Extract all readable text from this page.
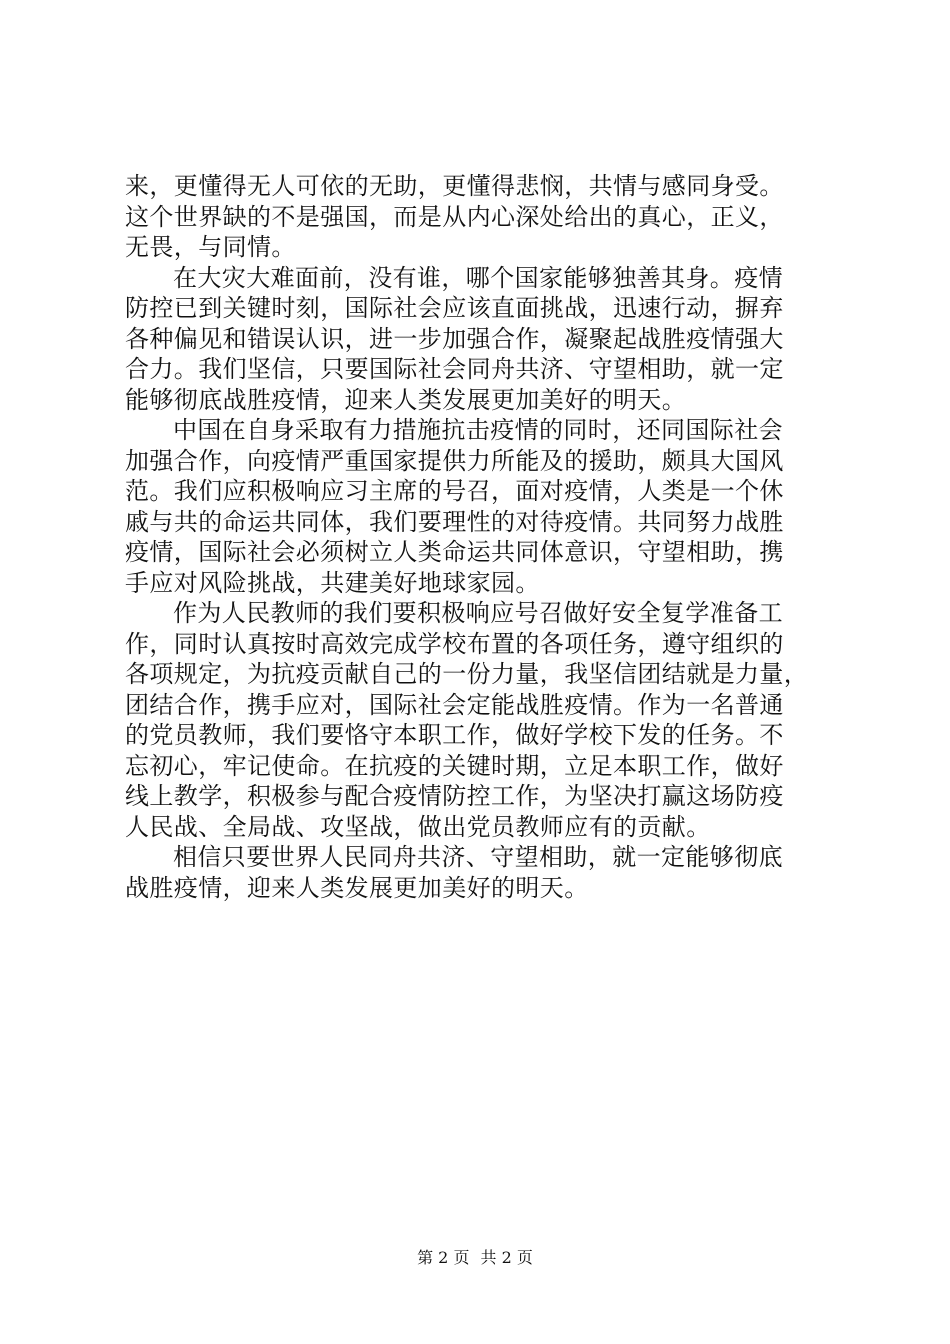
来，更懂得无人可依的无助，更懂得悲悯，共情与感同身受。
这个世界缺的不是强国，而是从内心深处给出的真心，正义，
无畏，与同情。
在大灾大难面前，没有谁，哪个国家能够独善其身。疫情
防控已到关键时刻，国际社会应该直面挑战，迅速行动，摒弃
各种偏见和错误认识，进一步加强合作，凝聚起战胜疫情强大
合力。我们坚信，只要国际社会同舟共济、守望相助，就一定
能够彻底战胜疫情，迎来人类发展更加美好的明天。
中国在自身采取有力措施抗击疫情的同时，还同国际社会
加强合作，向疫情严重国家提供力所能及的援助，颇具大国风
范。我们应积极响应习主席的号召，面对疫情，人类是一个休
戚与共的命运共同体，我们要理性的对待疫情。共同努力战胜
疫情，国际社会必须树立人类命运共同体意识，守望相助，携
手应对风险挑战，共建美好地球家园。
作为人民教师的我们要积极响应号召做好安全复学准备工
作，同时认真按时高效完成学校布置的各项任务，遵守组织的
各项规定，为抗疫贡献自己的一份力量，我坚信团结就是力量，
团结合作，携手应对，国际社会定能战胜疫情。作为一名普通
的党员教师，我们要恪守本职工作，做好学校下发的任务。不
忘初心，牢记使命。在抗疫的关键时期，立足本职工作，做好
线上教学，积极参与配合疫情防控工作，为坚决打赢这场防疫
人民战、全局战、攻坚战，做出党员教师应有的贡献。
相信只要世界人民同舟共济、守望相助，就一定能够彻底
战胜疫情，迎来人类发展更加美好的明天。
第 2 页 共 2 页
